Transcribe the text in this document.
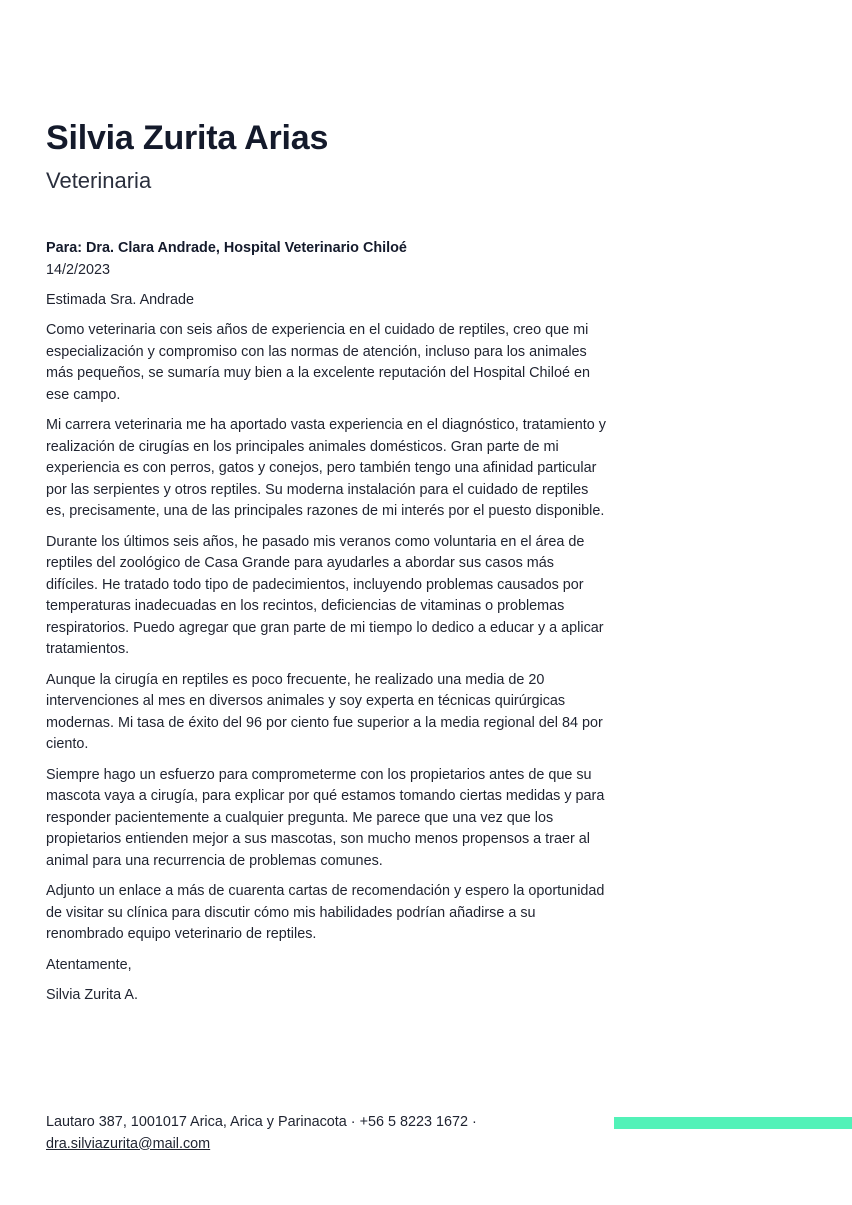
Silvia Zurita Arias
Veterinaria

Para: Dra. Clara Andrade, Hospital Veterinario Chiloé

14/2/2023

Estimada Sra. Andrade

Como veterinaria con seis años de experiencia en el cuidado de reptiles, creo que mi especialización y compromiso con las normas de atención, incluso para los animales más pequeños, se sumaría muy bien a la excelente reputación del Hospital Chiloé en ese campo.

Mi carrera veterinaria me ha aportado vasta experiencia en el diagnóstico, tratamiento y realización de cirugías en los principales animales domésticos. Gran parte de mi experiencia es con perros, gatos y conejos, pero también tengo una afinidad particular por las serpientes y otros reptiles. Su moderna instalación para el cuidado de reptiles es, precisamente, una de las principales razones de mi interés por el puesto disponible.

Durante los últimos seis años, he pasado mis veranos como voluntaria en el área de reptiles del zoológico de Casa Grande para ayudarles a abordar sus casos más difíciles. He tratado todo tipo de padecimientos, incluyendo problemas causados por temperaturas inadecuadas en los recintos, deficiencias de vitaminas o problemas respiratorios. Puedo agregar que gran parte de mi tiempo lo dedico a educar y a aplicar tratamientos.

Aunque la cirugía en reptiles es poco frecuente, he realizado una media de 20 intervenciones al mes en diversos animales y soy experta en técnicas quirúrgicas modernas. Mi tasa de éxito del 96 por ciento fue superior a la media regional del 84 por ciento.

Siempre hago un esfuerzo para comprometerme con los propietarios antes de que su mascota vaya a cirugía, para explicar por qué estamos tomando ciertas medidas y para responder pacientemente a cualquier pregunta. Me parece que una vez que los propietarios entienden mejor a sus mascotas, son mucho menos propensos a traer al animal para una recurrencia de problemas comunes.

Adjunto un enlace a más de cuarenta cartas de recomendación y espero la oportunidad de visitar su clínica para discutir cómo mis habilidades podrían añadirse a su renombrado equipo veterinario de reptiles.

Atentamente,

Silvia Zurita A.

Lautaro 387, 1001017 Arica, Arica y Parinacota · +56 5 8223 1672 ·
dra.silviazurita@mail.com
